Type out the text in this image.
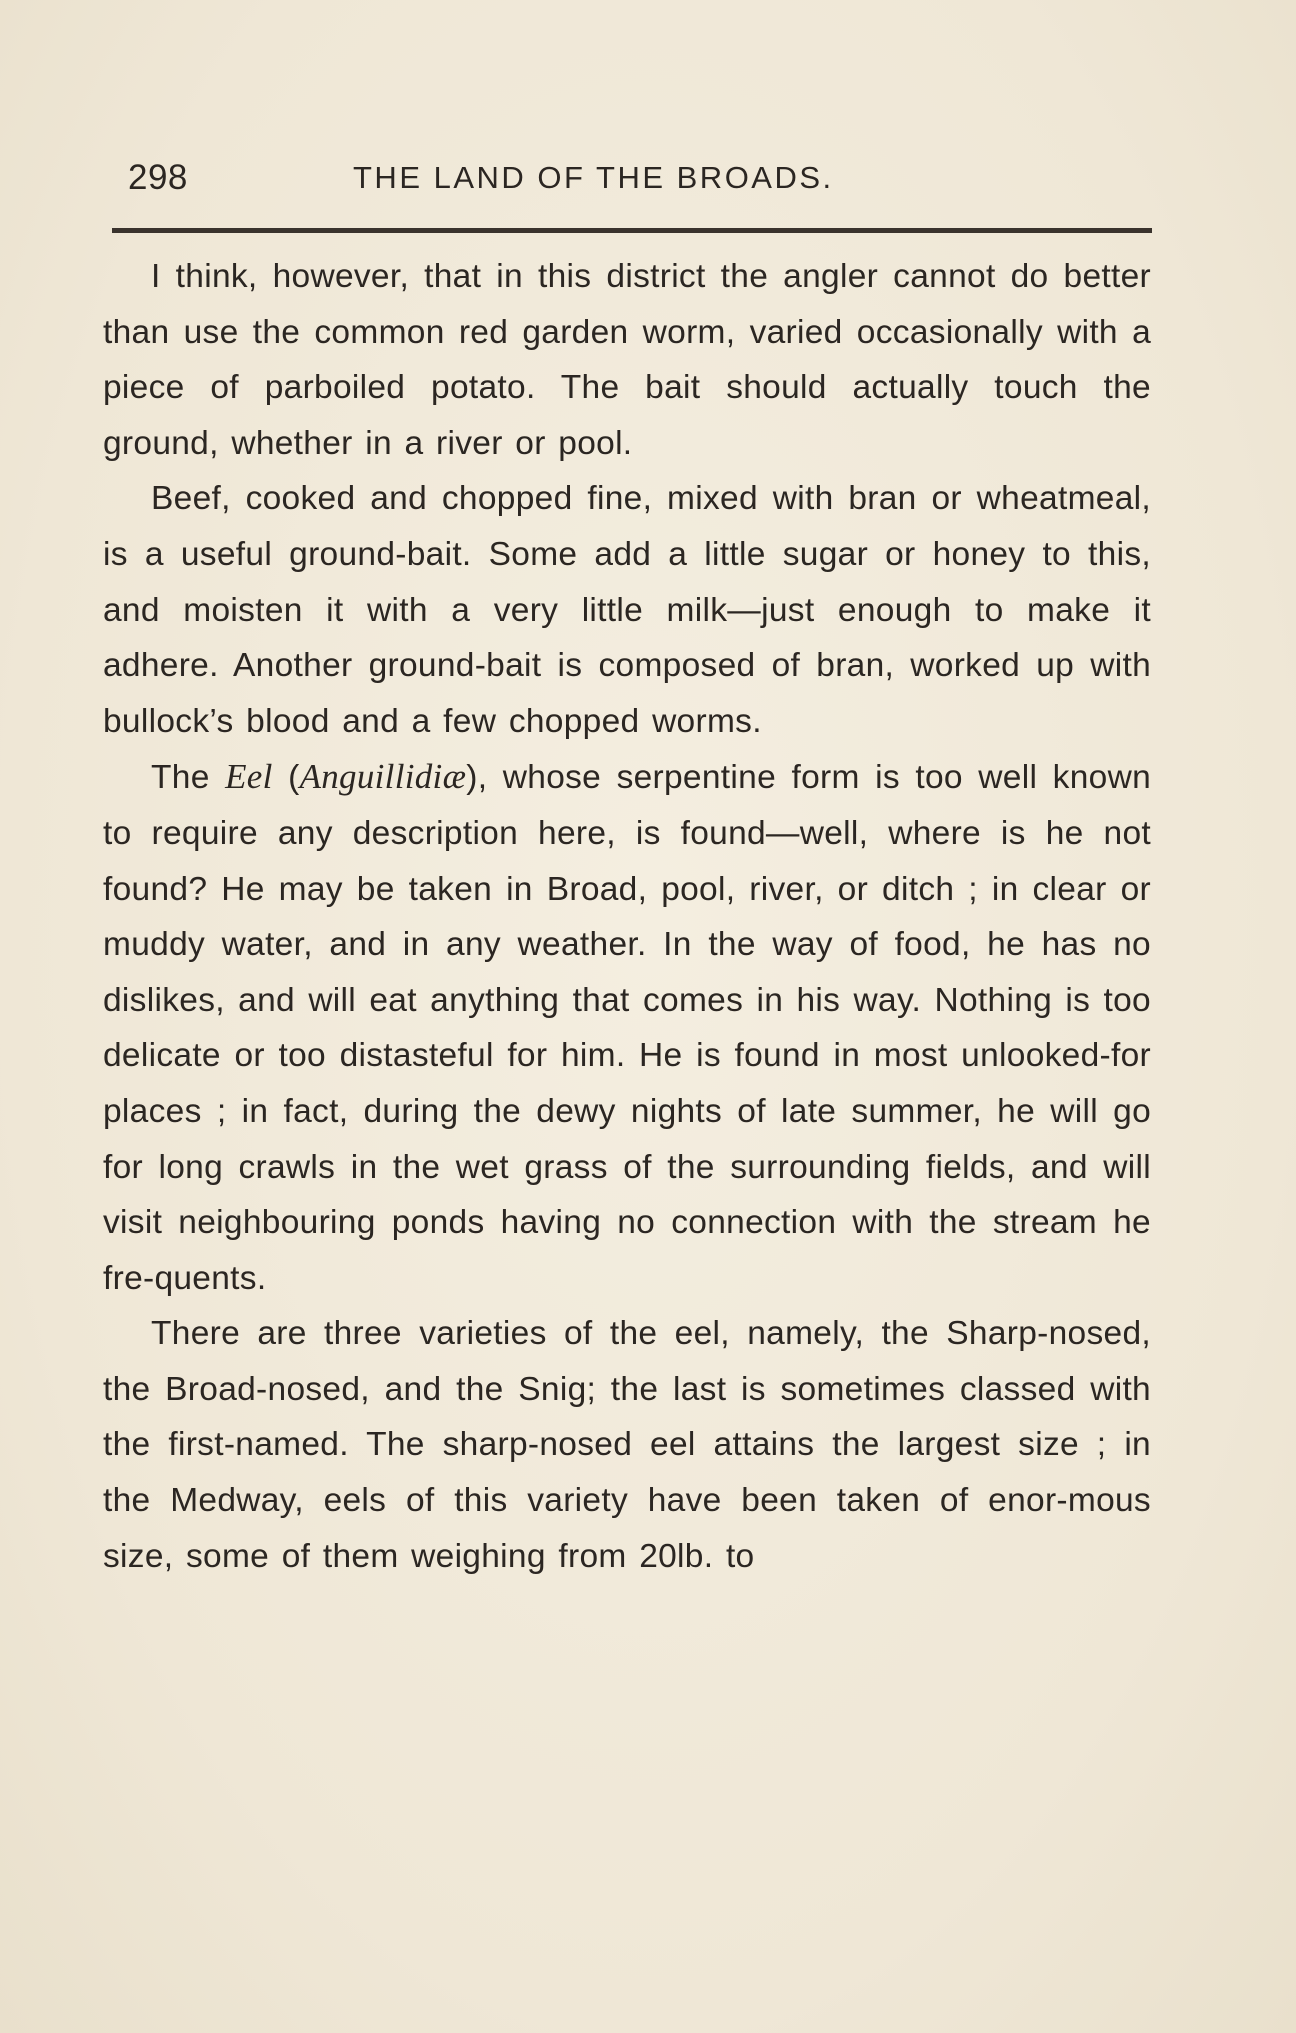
298	THE LAND OF THE BROADS.

I think, however, that in this district the angler cannot do better than use the common red garden worm, varied occasionally with a piece of parboiled potato. The bait should actually touch the ground, whether in a river or pool.

Beef, cooked and chopped fine, mixed with bran or wheatmeal, is a useful ground-bait. Some add a little sugar or honey to this, and moisten it with a very little milk—just enough to make it adhere. Another ground-bait is composed of bran, worked up with bullock’s blood and a few chopped worms.

The Eel (Anguillidiæ), whose serpentine form is too well known to require any description here, is found—well, where is he not found? He may be taken in Broad, pool, river, or ditch ; in clear or muddy water, and in any weather. In the way of food, he has no dislikes, and will eat anything that comes in his way. Nothing is too delicate or too distasteful for him. He is found in most unlooked-for places ; in fact, during the dewy nights of late summer, he will go for long crawls in the wet grass of the surrounding fields, and will visit neighbouring ponds having no connection with the stream he fre-quents.

There are three varieties of the eel, namely, the Sharp-nosed, the Broad-nosed, and the Snig; the last is sometimes classed with the first-named. The sharp-nosed eel attains the largest size ; in the Medway, eels of this variety have been taken of enor-mous size, some of them weighing from 20lb. to
